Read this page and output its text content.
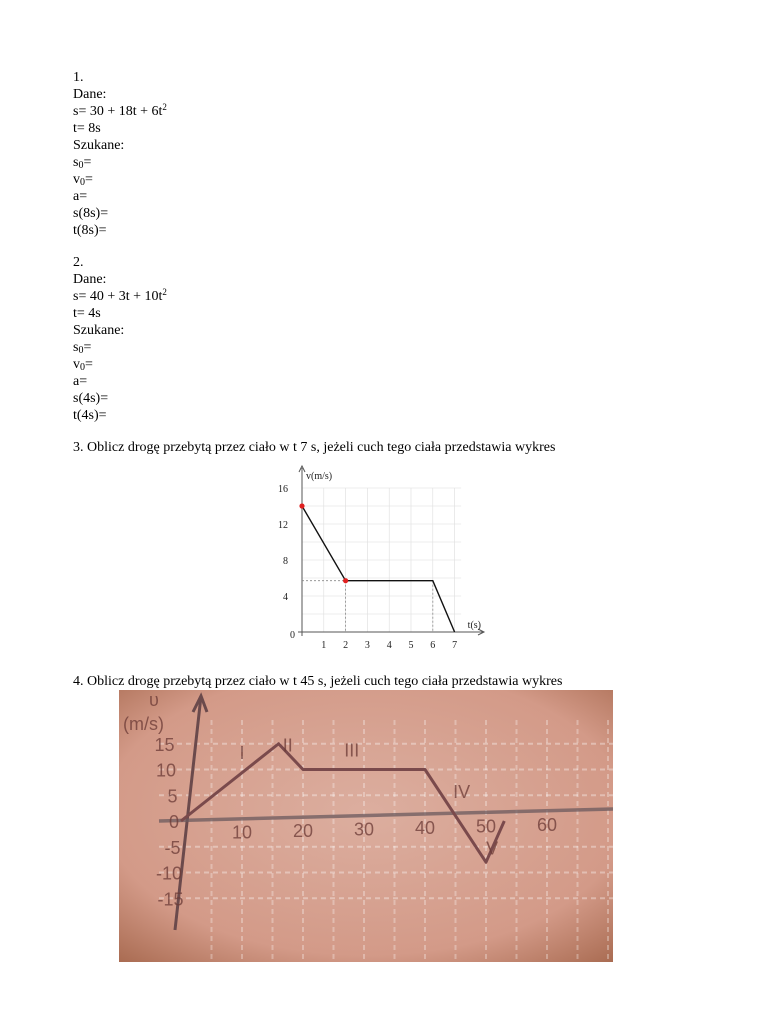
1.
Dane:
$s= 30 + 18t + 6t^2$
t= 8s
Szukane:
$s_0=$
$v_0=$
a=
s(8s)=
t(8s)=
2.
Dane:
$s= 40 + 3t + 10t^2$
t= 4s
Szukane:
$s_0=$
$v_0=$
a=
s(4s)=
t(4s)=
3. Oblicz drogę przebytą przez ciało w t 7 s, jeżeli cuch tego ciała przedstawia wykres
1 2 3 4 5 6 7
4
8
12
16
v(m/s)
t(s)
0
4. Oblicz drogę przebytą przez ciało w t 45 s, jeżeli cuch tego ciała przedstawia wykres
10 20 30 40 50 60
15
10
5
0
-5
-10
-15
I II	III
IV
V
υ
(m/s)
